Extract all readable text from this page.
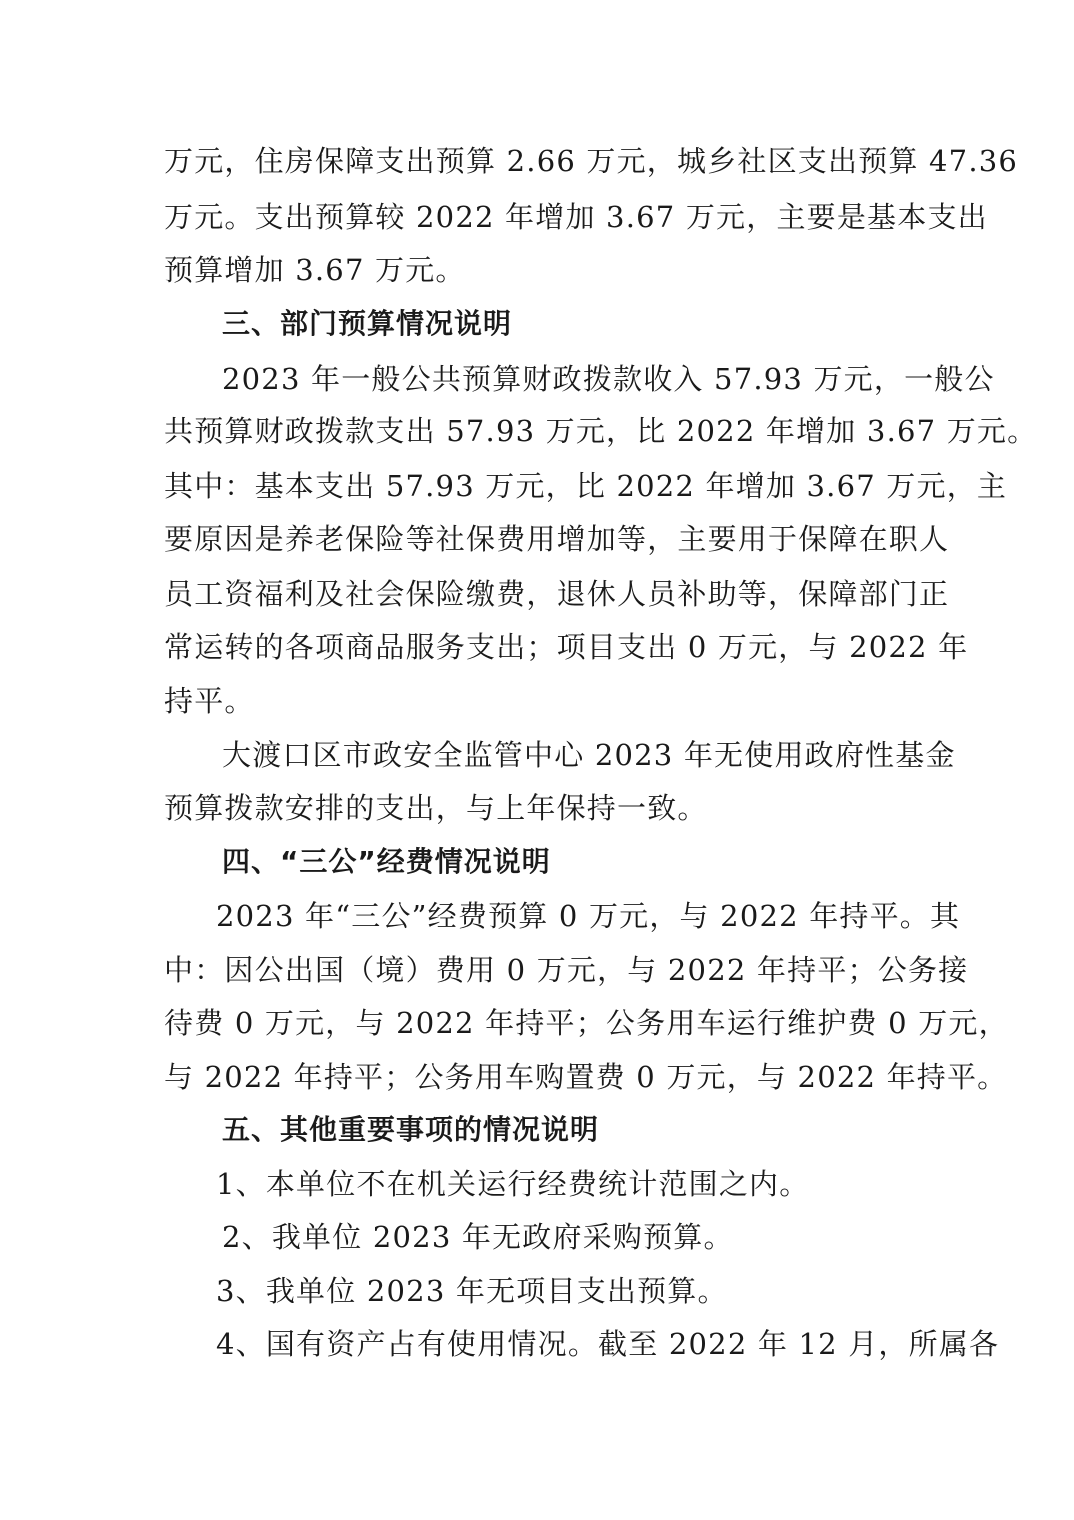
万元，住房保障支出预算 2.66 万元，城乡社区支出预算 47.36
万元。支出预算较 2022 年增加 3.67 万元，主要是基本支出
预算增加 3.67 万元。
三、部门预算情况说明
2023 年一般公共预算财政拨款收入 57.93 万元，一般公
共预算财政拨款支出 57.93 万元，比 2022 年增加 3.67 万元。
其中：基本支出 57.93 万元，比 2022 年增加 3.67 万元，主
要原因是养老保险等社保费用增加等，主要用于保障在职人
员工资福利及社会保险缴费，退休人员补助等，保障部门正
常运转的各项商品服务支出；项目支出 0 万元，与 2022 年
持平。
大渡口区市政安全监管中心 2023 年无使用政府性基金
预算拨款安排的支出，与上年保持一致。
四、“三公”经费情况说明
2023 年“三公”经费预算 0 万元，与 2022 年持平。其
中：因公出国（境）费用 0 万元，与 2022 年持平；公务接
待费 0 万元，与 2022 年持平；公务用车运行维护费 0 万元，
与 2022 年持平；公务用车购置费 0 万元，与 2022 年持平。
五、其他重要事项的情况说明
1、本单位不在机关运行经费统计范围之内。
2、我单位 2023 年无政府采购预算。
3、我单位 2023 年无项目支出预算。
4、国有资产占有使用情况。截至 2022 年 12 月，所属各
